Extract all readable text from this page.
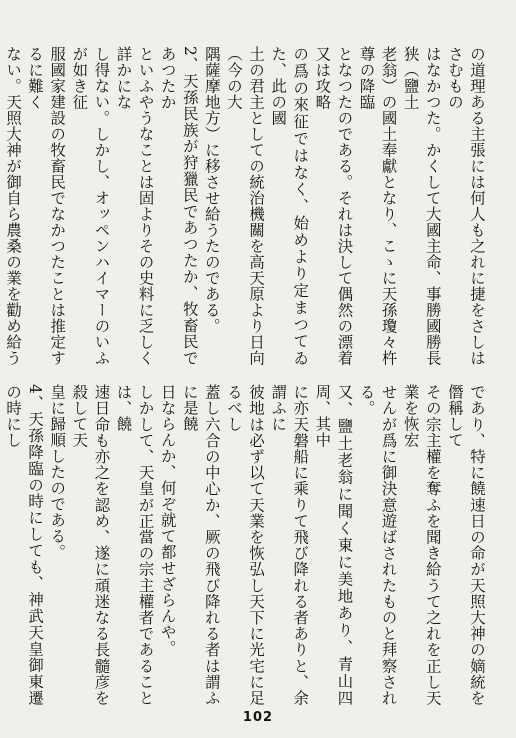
の道理ある主張には何人も之れに捷をさしはさむもの

はなかつた。かくして大國主命、事勝國勝長狭（鹽土

老翁）の國土奉獻となり、こゝに天孫瓊々杵尊の降臨

となつたのである。それは決して偶然の漂着又は攻略

の爲の來征ではなく、始めより定まつてゐた、此の國

土の君主としての統治機關を高天原より日向（今の大

隅薩摩地方）に移させ給うたのである。

2、天孫民族が狩獵民であつたか、牧畜民であつたか

といふやうなことは固よりその史料に乏しく詳かにな

し得ない。しかし、オッペンハイマーのいふが如き征

服國家建設の牧畜民でなかつたことは推定するに難く

ない。天照大神が御自ら農桑の業を勸め給う

であり、特に饒速日の命が天照大神の嫡統を僭稱して

その宗主權を奪ふを聞き給うて之れを正し天業を恢宏

せんが爲に御決意遊ばされたものと拜察される。

又、鹽土老翁に聞く東に美地あり、青山四周、其中

に亦天磐船に乘りて飛び降れる者ありと、余謂ふに

彼地は必ず以て天業を恢弘し天下に光宅に足るべし

蓋し六合の中心か、厥の飛び降れる者は謂ふに是饒

日ならんか、何ぞ就て都せざらんや。

しかして、天皇が正當の宗主權者であることは、饒

速日命も亦之を認め、遂に頑迷なる長髓彦を殺して天

皇に歸順したのである。

4、天孫降臨の時にしても、神武天皇御東遷の時にし

102
